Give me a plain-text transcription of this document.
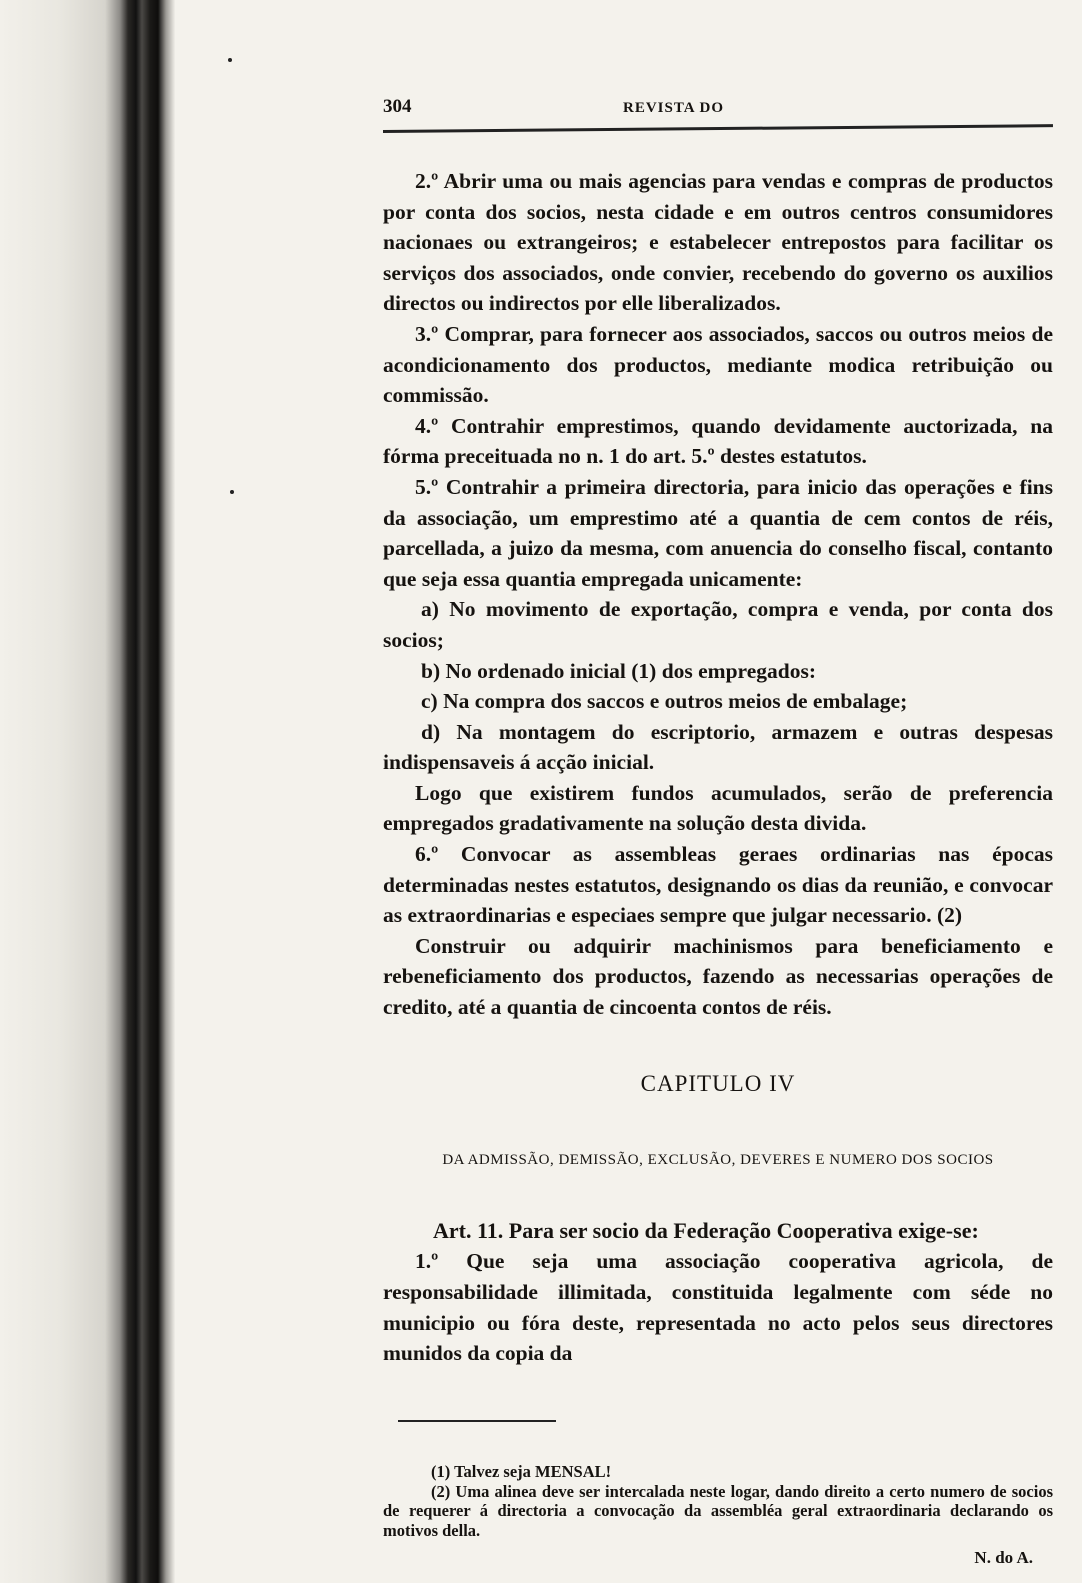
304	REVISTA DO

2.º Abrir uma ou mais agencias para vendas e compras de productos por conta dos socios, nesta cidade e em outros centros consumidores nacionaes ou extrangeiros; e estabelecer entrepostos para facilitar os serviços dos associados, onde convier, recebendo do governo os auxilios directos ou indirectos por elle liberalizados.

3.º Comprar, para fornecer aos associados, saccos ou outros meios de acondicionamento dos productos, mediante modica retribuição ou commissão.

4.º Contrahir emprestimos, quando devidamente auctorizada, na fórma preceituada no n. 1 do art. 5.º destes estatutos.

5.º Contrahir a primeira directoria, para inicio das operações e fins da associação, um emprestimo até a quantia de cem contos de réis, parcellada, a juizo da mesma, com anuencia do conselho fiscal, contanto que seja essa quantia empregada unicamente:

a) No movimento de exportação, compra e venda, por conta dos socios;

b) No ordenado inicial (1) dos empregados:

c) Na compra dos saccos e outros meios de embalage;

d) Na montagem do escriptorio, armazem e outras despesas indispensaveis á acção inicial.

Logo que existirem fundos acumulados, serão de preferencia empregados gradativamente na solução desta divida.

6.º Convocar as assembleas geraes ordinarias nas épocas determinadas nestes estatutos, designando os dias da reunião, e convocar as extraordinarias e especiaes sempre que julgar necessario. (2)

Construir ou adquirir machinismos para beneficiamento e rebeneficiamento dos productos, fazendo as necessarias operações de credito, até a quantia de cincoenta contos de réis.

CAPITULO IV
DA ADMISSÃO, DEMISSÃO, EXCLUSÃO, DEVERES E NUMERO DOS SOCIOS

Art. 11. Para ser socio da Federação Cooperativa exige-se:

1.º Que seja uma associação cooperativa agricola, de responsabilidade illimitada, constituida legalmente com séde no municipio ou fóra deste, representada no acto pelos seus directores munidos da copia da

(1) Talvez seja MENSAL!

(2) Uma alinea deve ser intercalada neste logar, dando direito a certo numero de socios de requerer á directoria a convocação da assembléa geral extraordinaria declarando os motivos della.

N. do A.
